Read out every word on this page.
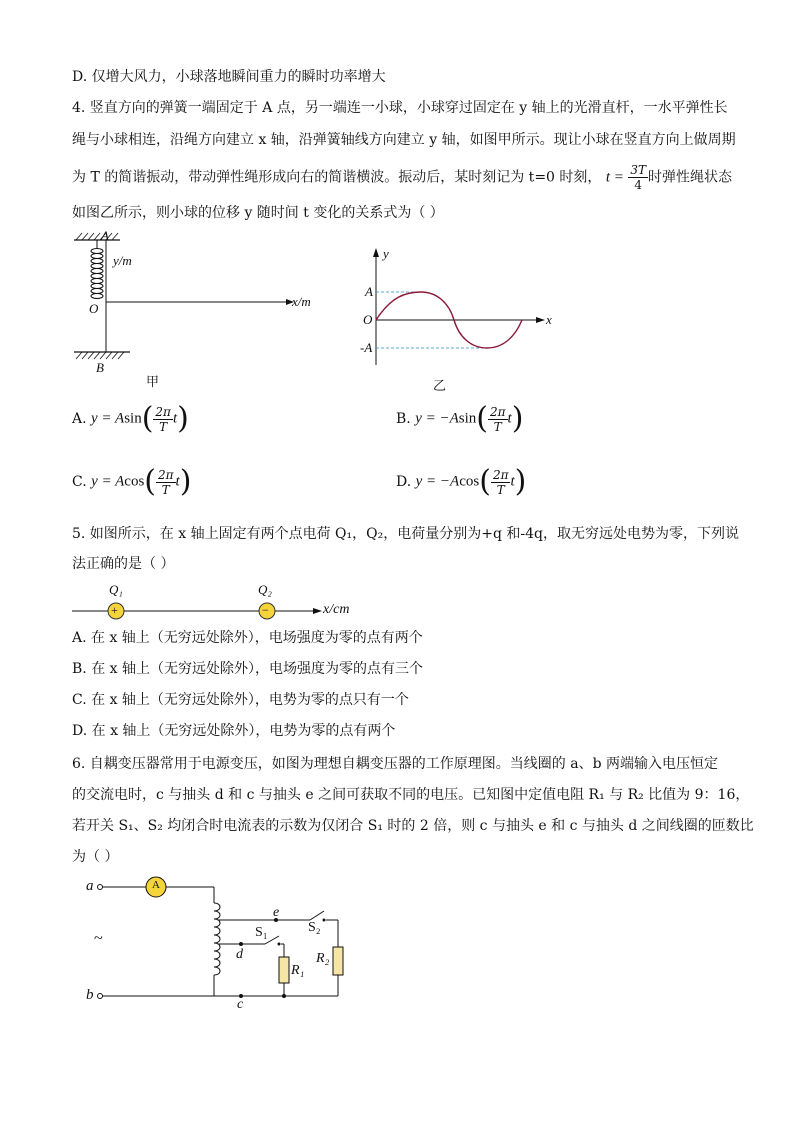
D. 仅增大风力，小球落地瞬间重力的瞬时功率增大
4. 竖直方向的弹簧一端固定于 A 点，另一端连一小球，小球穿过固定在 y 轴上的光滑直杆，一水平弹性长
绳与小球相连，沿绳方向建立 x 轴，沿弹簧轴线方向建立 y 轴，如图甲所示。现让小球在竖直方向上做周期
为 T 的简谐振动，带动弹性绳形成向右的简谐横波。振动后，某时刻记为 t=0 时刻， $t = \frac{3T}{4}$ 时弹性绳状态
如图乙所示，则小球的位移 y 随时间 t 变化的关系式为（ ）
A
y/m
O	x/m
B
甲
y
A
O
-A
x
乙
A. $y = Asin( \frac{2\pi}{T} t)$	B. $y = -Asin( \frac{2\pi}{T} t)$
C. $y = Acos( \frac{2\pi}{T} t)$	D. $y = -Acos( \frac{2\pi}{T} t)$
5. 如图所示，在 x 轴上固定有两个点电荷 Q₁，Q₂，电荷量分别为+q 和-4q，取无穷远处电势为零，下列说
法正确的是（ ）
+	−
Q₁	Q₂
x/cm
A. 在 x 轴上（无穷远处除外），电场强度为零的点有两个
B. 在 x 轴上（无穷远处除外），电场强度为零的点有三个
C. 在 x 轴上（无穷远处除外），电势为零的点只有一个
D. 在 x 轴上（无穷远处除外），电势为零的点有两个
6. 自耦变压器常用于电源变压，如图为理想自耦变压器的工作原理图。当线圈的 a、b 两端输入电压恒定
的交流电时，c 与抽头 d 和 c 与抽头 e 之间可获取不同的电压。已知图中定值电阻 R₁ 与 R₂ 比值为 9：16，
若开关 S₁、S₂ 均闭合时电流表的示数为仅闭合 S₁ 时的 2 倍，则 c 与抽头 e 和 c 与抽头 d 之间线圈的匝数比
为（ ）
a
b
A
~
e
d
c
S₁	S₂
R₁
R₂
